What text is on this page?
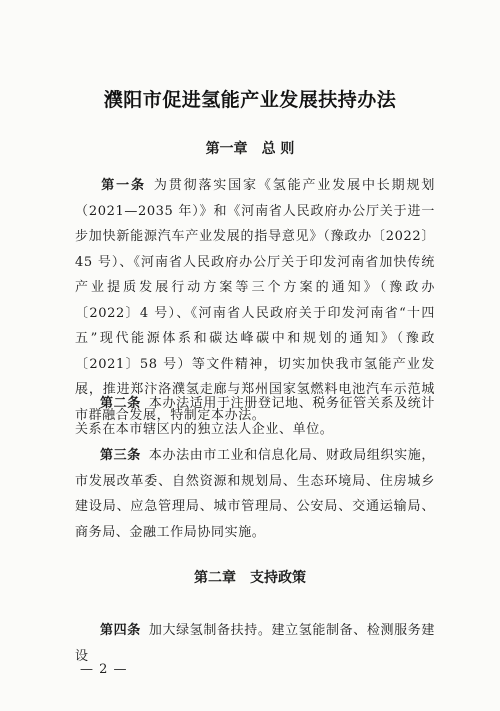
濮阳市促进氢能产业发展扶持办法
第一章 总 则

第一条 为贯彻落实国家《氢能产业发展中长期规划（2021—2035 年）》和《河南省人民政府办公厅关于进一步加快新能源汽车产业发展的指导意见》（豫政办〔2022〕45 号）、《河南省人民政府办公厅关于印发河南省加快传统产业提质发展行动方案等三个方案的通知》（豫政办〔2022〕4 号）、《河南省人民政府关于印发河南省“十四五”现代能源体系和碳达峰碳中和规划的通知》（豫政〔2021〕58 号）等文件精神，切实加快我市氢能产业发展，推进郑汴洛濮氢走廊与郑州国家氢燃料电池汽车示范城市群融合发展，特制定本办法。

第二条 本办法适用于注册登记地、税务征管关系及统计关系在本市辖区内的独立法人企业、单位。

第三条 本办法由市工业和信息化局、财政局组织实施，市发展改革委、自然资源和规划局、生态环境局、住房城乡建设局、应急管理局、城市管理局、公安局、交通运输局、商务局、金融工作局协同实施。

第二章 支持政策

第四条 加大绿氢制备扶持。建立氢能制备、检测服务建设

— 2 —
